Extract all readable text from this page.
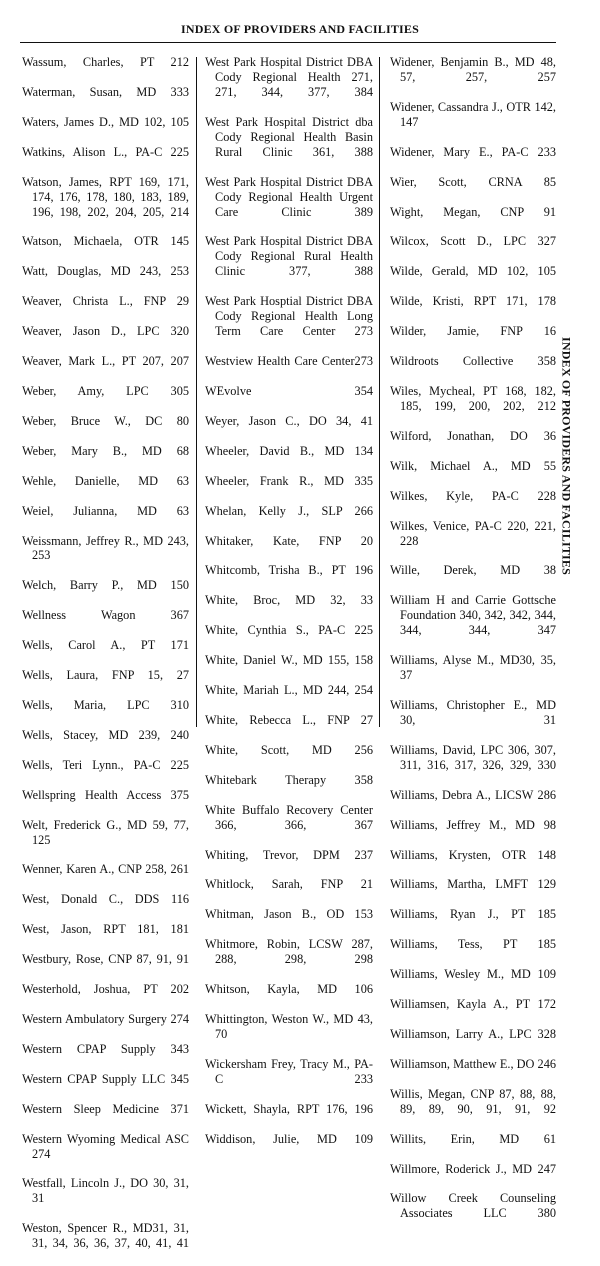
INDEX OF PROVIDERS AND FACILITIES
Wassum, Charles, PT 212
Waterman, Susan, MD 333
Waters, James D., MD 102, 105
Watkins, Alison L., PA-C 225
Watson, James, RPT 169, 171, 174, 176, 178, 180, 183, 189, 196, 198, 202, 204, 205, 214
Watson, Michaela, OTR 145
Watt, Douglas, MD 243, 253
Weaver, Christa L., FNP 29
Weaver, Jason D., LPC 320
Weaver, Mark L., PT 207, 207
Weber, Amy, LPC 305
Weber, Bruce W., DC 80
Weber, Mary B., MD 68
Wehle, Danielle, MD 63
Weiel, Julianna, MD 63
Weissmann, Jeffrey R., MD 243, 253
Welch, Barry P., MD 150
Wellness Wagon 367
Wells, Carol A., PT 171
Wells, Laura, FNP 15, 27
Wells, Maria, LPC 310
Wells, Stacey, MD 239, 240
Wells, Teri Lynn., PA-C 225
Wellspring Health Access 375
Welt, Frederick G., MD 59, 77, 125
Wenner, Karen A., CNP 258, 261
West, Donald C., DDS 116
West, Jason, RPT 181, 181
Westbury, Rose, CNP 87, 91, 91
Westerhold, Joshua, PT 202
Western Ambulatory Surgery 274
Western CPAP Supply 343
Western CPAP Supply LLC 345
Western Sleep Medicine 371
Western Wyoming Medical ASC 274
Westfall, Lincoln J., DO 30, 31, 31
Weston, Spencer R., MD31, 31, 31, 34, 36, 36, 37, 40, 41, 41
West Park Hospital District DBA Cody Regional Health 271, 271, 344, 377, 384
West Park Hospital District dba Cody Regional Health Basin Rural Clinic 361, 388
West Park Hospital District DBA Cody Regional Health Urgent Care Clinic 389
West Park Hospital District DBA Cody Regional Rural Health Clinic 377, 388
West Park Hosptial District DBA Cody Regional Health Long Term Care Center 273
Westview Health Care Center273
WEvolve 354
Weyer, Jason C., DO 34, 41
Wheeler, David B., MD 134
Wheeler, Frank R., MD 335
Whelan, Kelly J., SLP 266
Whitaker, Kate, FNP 20
Whitcomb, Trisha B., PT 196
White, Broc, MD 32, 33
White, Cynthia S., PA-C 225
White, Daniel W., MD 155, 158
White, Mariah L., MD 244, 254
White, Rebecca L., FNP 27
White, Scott, MD 256
Whitebark Therapy 358
White Buffalo Recovery Center 366, 366, 367
Whiting, Trevor, DPM 237
Whitlock, Sarah, FNP 21
Whitman, Jason B., OD 153
Whitmore, Robin, LCSW 287, 288, 298, 298
Whitson, Kayla, MD 106
Whittington, Weston W., MD 43, 70
Wickersham Frey, Tracy M., PA-C 233
Wickett, Shayla, RPT 176, 196
Widdison, Julie, MD 109
Widener, Benjamin B., MD 48, 57, 257, 257
Widener, Cassandra J., OTR 142, 147
Widener, Mary E., PA-C 233
Wier, Scott, CRNA 85
Wight, Megan, CNP 91
Wilcox, Scott D., LPC 327
Wilde, Gerald, MD 102, 105
Wilde, Kristi, RPT 171, 178
Wilder, Jamie, FNP 16
Wildroots Collective 358
Wiles, Mycheal, PT 168, 182, 185, 199, 200, 202, 212
Wilford, Jonathan, DO 36
Wilk, Michael A., MD 55
Wilkes, Kyle, PA-C 228
Wilkes, Venice, PA-C 220, 221, 228
Wille, Derek, MD 38
William H and Carrie Gottsche Foundation 340, 342, 342, 344, 344, 344, 347
Williams, Alyse M., MD30, 35, 37
Williams, Christopher E., MD 30, 31
Williams, David, LPC 306, 307, 311, 316, 317, 326, 329, 330
Williams, Debra A., LICSW 286
Williams, Jeffrey M., MD 98
Williams, Krysten, OTR 148
Williams, Martha, LMFT 129
Williams, Ryan J., PT 185
Williams, Tess, PT 185
Williams, Wesley M., MD 109
Williamsen, Kayla A., PT 172
Williamson, Larry A., LPC 328
Williamson, Matthew E., DO 246
Willis, Megan, CNP 87, 88, 88, 89, 89, 90, 91, 91, 92
Willits, Erin, MD 61
Willmore, Roderick J., MD 247
Willow Creek Counseling Associates LLC 380
INDEX OF PROVIDERS AND FACILITIES
